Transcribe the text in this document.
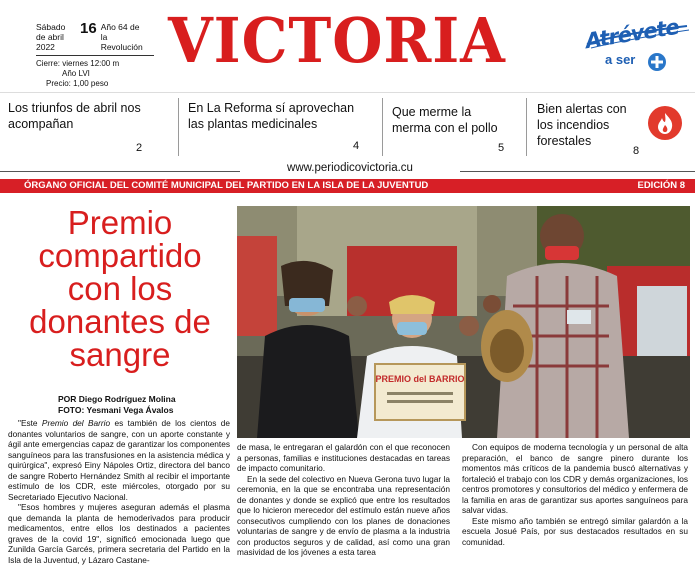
Sábado
de abril 2022
16 Año 64 de la Revolución
Cierre: viernes 12:00 m
Año LVI
Precio: 1,00 peso
VICTORIA	Atrévete
a ser
Los triunfos de abril nos acompañan
2
En La Reforma sí aprovechan las plantas medicinales
4
Que merme la merma con el pollo
5
Bien alertas con los incendios forestales
8
www.periodicovictoria.cu
ÓRGANO OFICIAL DEL COMITÉ MUNICIPAL DEL PARTIDO EN LA ISLA DE LA JUVENTUD	EDICIÓN 8
Premio compartido con los donantes de sangre
POR Diego Rodríguez Molina
FOTO: Yesmani Vega Ávalos
PREMIO del BARRIO

"Este Premio del Barrio es también de los cientos de donantes voluntarios de sangre, con un aporte constante y ágil ante emergencias capaz de garantizar los componentes sanguíneos para las transfusiones en la asistencia médica y quirúrgica", expresó Einy Nápoles Ortiz, directora del banco de sangre Roberto Hernández Smith al recibir el importante estímulo de los CDR, este miércoles, otorgado por su Secretariado Ejecutivo Nacional.

"Esos hombres y mujeres aseguran además el plasma que demanda la planta de hemoderivados para producir medicamentos, entre ellos los destinados a pacientes graves de la covid 19", significó emocionada luego que Zunilda García Garcés, primera secretaria del Partido en la Isla de la Juventud, y Lázaro Castane-

de masa, le entregaran el galardón con el que reconocen a personas, familias e instituciones destacadas en tareas de impacto comunitario.

En la sede del colectivo en Nueva Gerona tuvo lugar la ceremonia, en la que se encontraba una representación de donantes y donde se explicó que entre los resultados que lo hicieron merecedor del estímulo están nueve años consecutivos cumpliendo con los planes de donaciones voluntarias de sangre y de envío de plasma a la industria con productos seguros y de calidad, así como una gran masividad de los jóvenes a esta tarea

Con equipos de moderna tecnología y un personal de alta preparación, el banco de sangre pinero durante los momentos más críticos de la pandemia buscó alternativas y fortaleció el trabajo con los CDR y demás organizaciones, los centros promotores y consultorios del médico y enfermera de la familia en aras de garantizar sus aportes sanguíneos para salvar vidas.

Este mismo año también se entregó similar galardón a la escuela Josué País, por sus destacados resultados en su comunidad.
